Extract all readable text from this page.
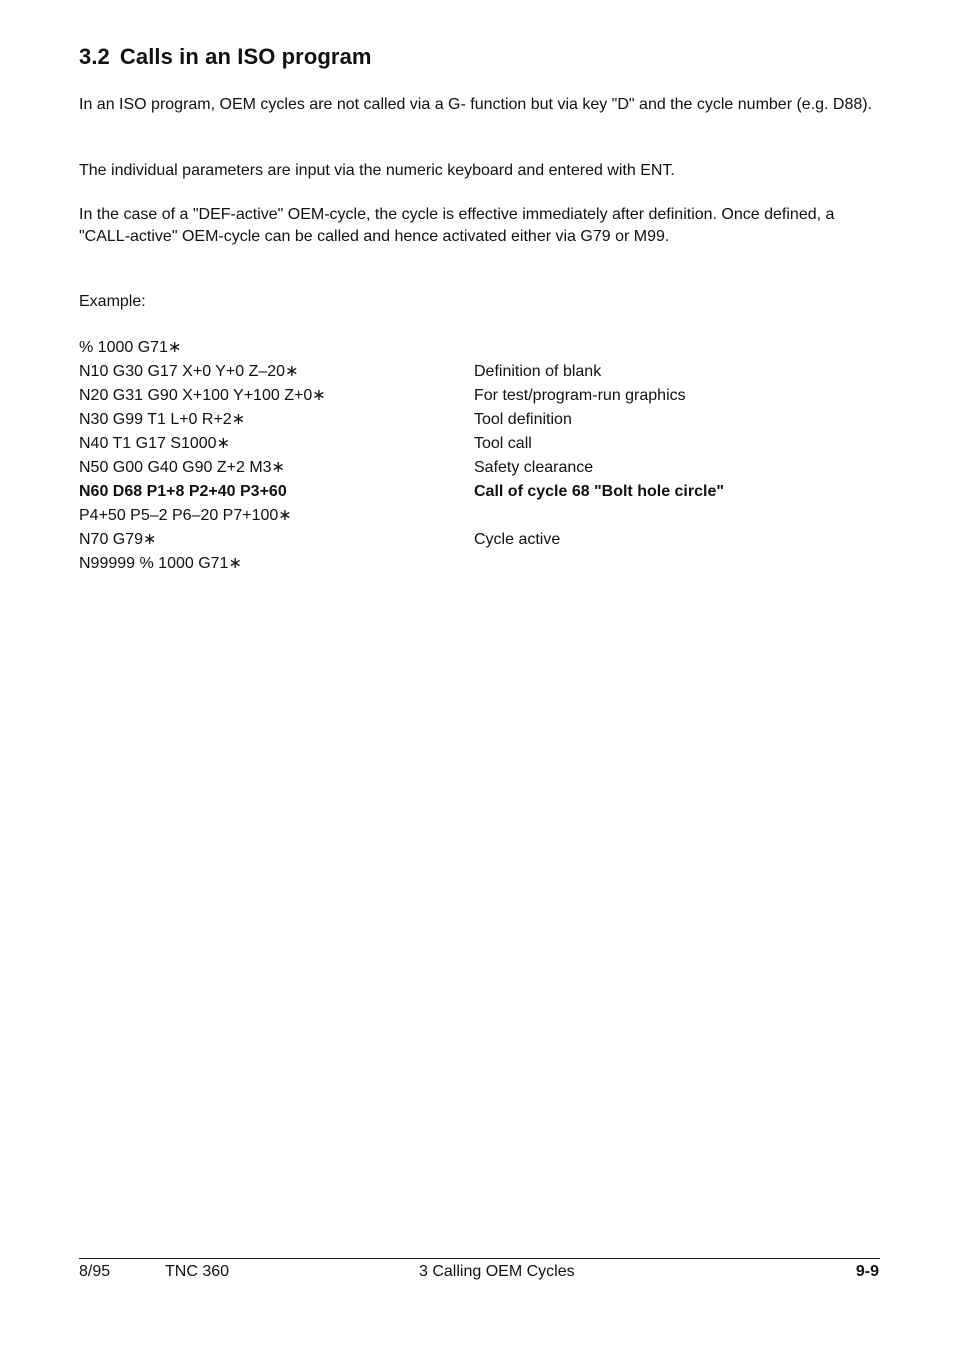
3.2 Calls in an ISO program
In an ISO program, OEM cycles are not called via a G- function but via key "D" and the cycle number (e.g. D88).
The individual parameters are input via the numeric keyboard and entered with ENT.
In the case of a "DEF-active" OEM-cycle, the cycle is effective immediately after definition. Once defined, a "CALL-active" OEM-cycle can be called and hence activated either via G79 or M99.
Example:
% 1000 G71∗
N10 G30 G17 X+0 Y+0 Z–20∗	Definition of blank
N20 G31 G90 X+100 Y+100 Z+0∗	For test/program-run graphics
N30 G99 T1 L+0 R+2∗	Tool definition
N40 T1 G17 S1000∗	Tool call
N50 G00 G40 G90 Z+2 M3∗	Safety clearance
N60 D68 P1+8 P2+40 P3+60	Call of cycle 68 "Bolt hole circle"
P4+50 P5–2 P6–20 P7+100∗
N70 G79∗	Cycle active
N99999 % 1000 G71∗
8/95	TNC 360	3 Calling OEM Cycles	9-9
